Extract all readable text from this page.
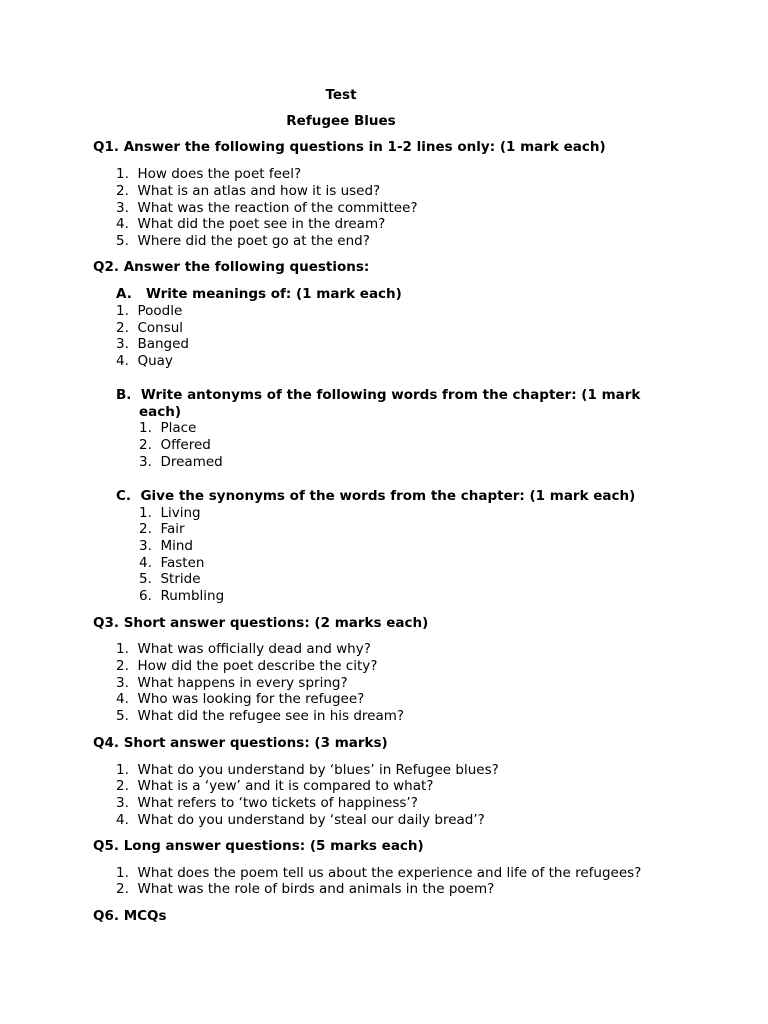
Test
Refugee Blues
Q1. Answer the following questions in 1-2 lines only: (1 mark each)
1.  How does the poet feel?
2.  What is an atlas and how it is used?
3.  What was the reaction of the committee?
4.  What did the poet see in the dream?
5.  Where did the poet go at the end?
Q2. Answer the following questions:
A. Write meanings of: (1 mark each)
1.  Poodle
2.  Consul
3.  Banged
4.  Quay
B. Write antonyms of the following words from the chapter: (1 mark
each)
1.  Place
2.  Offered
3.  Dreamed
C. Give the synonyms of the words from the chapter: (1 mark each)
1.  Living
2.  Fair
3.  Mind
4.  Fasten
5.  Stride
6.  Rumbling
Q3. Short answer questions: (2 marks each)
1.  What was officially dead and why?
2.  How did the poet describe the city?
3.  What happens in every spring?
4.  Who was looking for the refugee?
5.  What did the refugee see in his dream?
Q4. Short answer questions: (3 marks)
1.  What do you understand by ‘blues’ in Refugee blues?
2.  What is a ‘yew’ and it is compared to what?
3.  What refers to ‘two tickets of happiness’?
4.  What do you understand by ‘steal our daily bread’?
Q5. Long answer questions: (5 marks each)
1.  What does the poem tell us about the experience and life of the refugees?
2.  What was the role of birds and animals in the poem?
Q6. MCQs
